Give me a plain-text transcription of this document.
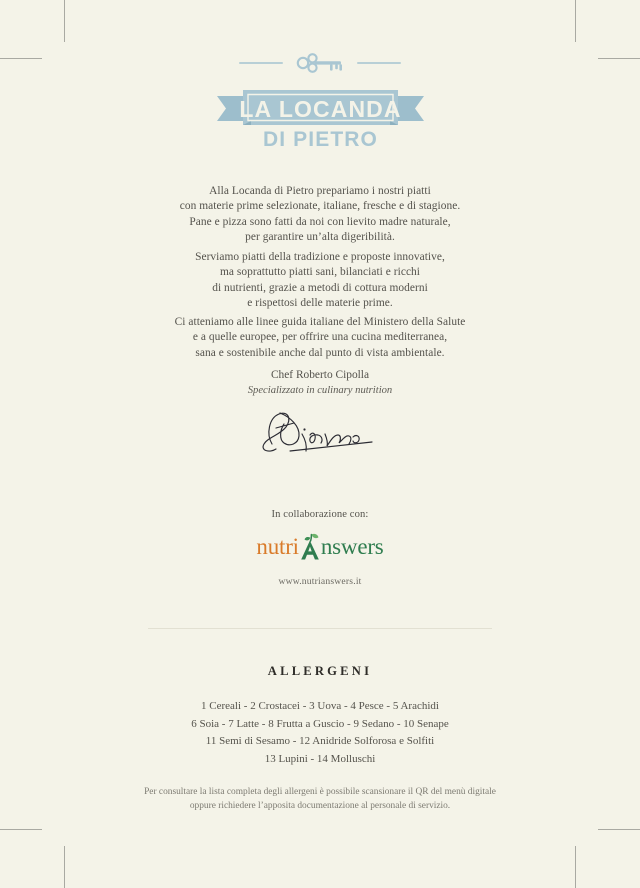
LA LOCANDA
DI PIETRO
Alla Locanda di Pietro prepariamo i nostri piatti
con materie prime selezionate, italiane, fresche e di stagione.
Pane e pizza sono fatti da noi con lievito madre naturale,
per garantire un’alta digeribilità.
Serviamo piatti della tradizione e proposte innovative,
ma soprattutto piatti sani, bilanciati e ricchi
di nutrienti, grazie a metodi di cottura moderni
e rispettosi delle materie prime.
Ci atteniamo alle linee guida italiane del Ministero della Salute
e a quelle europee, per offrire una cucina mediterranea,
sana e sostenibile anche dal punto di vista ambientale.
Chef Roberto Cipolla
Specializzato in culinary nutrition
In collaborazione con:
nutri nswers
www.nutrianswers.it
ALLERGENI
1 Cereali - 2 Crostacei - 3 Uova - 4 Pesce - 5 Arachidi
6 Soia - 7 Latte - 8 Frutta a Guscio - 9 Sedano - 10 Senape
11 Semi di Sesamo - 12 Anidride Solforosa e Solfiti
13 Lupini - 14 Molluschi
Per consultare la lista completa degli allergeni è possibile scansionare il QR del menù digitale
oppure richiedere l’apposita documentazione al personale di servizio.
